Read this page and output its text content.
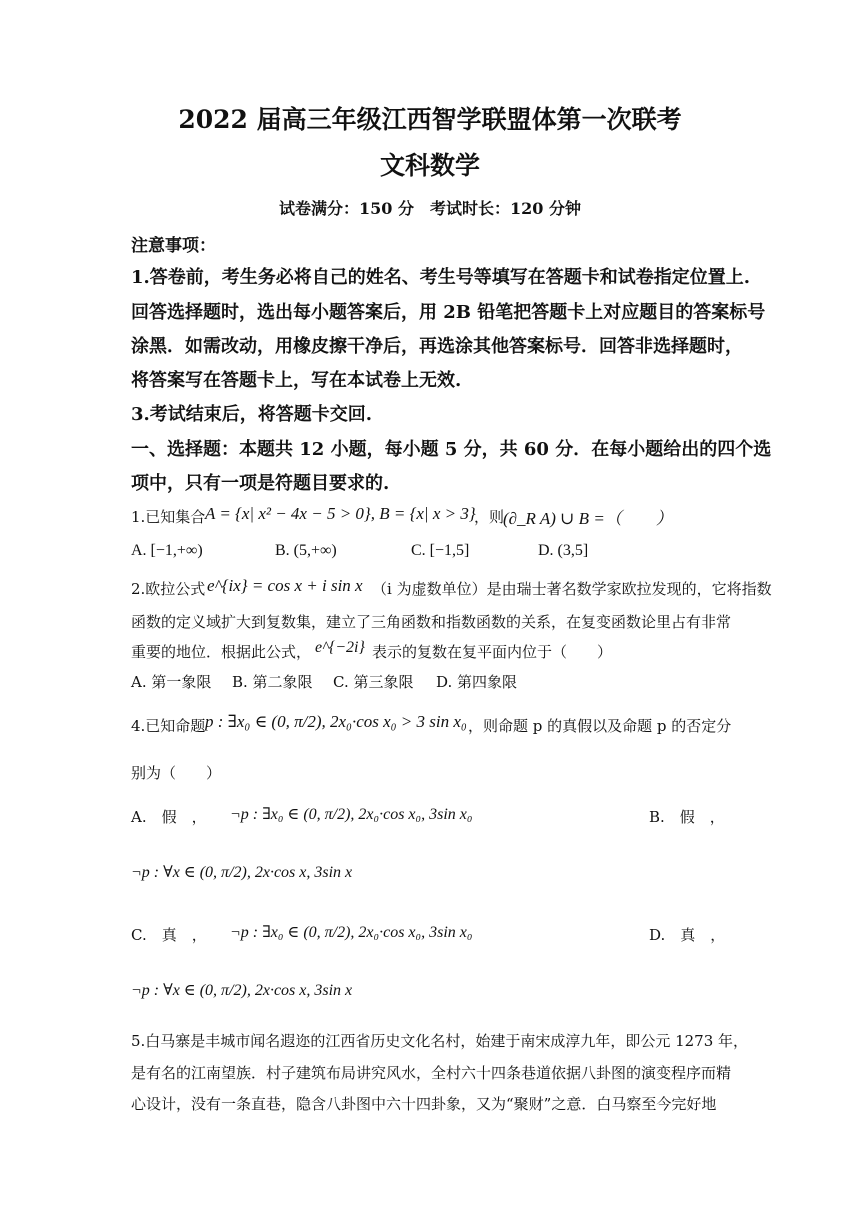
2022 届高三年级江西智学联盟体第一次联考
文科数学
试卷满分：150 分　考试时长：120 分钟
注意事项：
1.答卷前，考生务必将自己的姓名、考生号等填写在答题卡和试卷指定位置上.
回答选择题时，选出每小题答案后，用 2B 铅笔把答题卡上对应题目的答案标号
涂黑．如需改动，用橡皮擦干净后，再选涂其他答案标号．回答非选择题时，
将答案写在答题卡上，写在本试卷上无效.
3.考试结束后，将答题卡交回.
一、选择题：本题共 12 小题，每小题 5 分，共 60 分．在每小题给出的四个选
项中，只有一项是符题目要求的.
1.已知集合 A = {x| x² − 4x − 5 > 0}, B = {x| x > 3}
，则
(∂_R A) ∪ B =（　　）
A. [−1,+∞)	B. (5,+∞)	C. [−1,5]	D. (3,5]
2.欧拉公式 e^{ix} = cos x + i sin x （i 为虚数单位）是由瑞士著名数学家欧拉发现的，它将指数
函数的定义域扩大到复数集，建立了三角函数和指数函数的关系，在复变函数论里占有非常
重要的地位．根据此公式， e^{−2i} 表示的复数在复平面内位于（　　）
A. 第一象限 B. 第二象限 C. 第三象限 D. 第四象限
4.已知命题 p : ∃x₀ ∈ (0, π/2), 2x₀·cos x₀ > 3 sin x₀ ，则命题 p 的真假以及命题 p 的否定分
别为（　　）
A.　假　， ¬p : ∃x₀ ∈ (0, π/2), 2x₀·cos x₀, 3sin x₀	B.　假　，
¬p : ∀x ∈ (0, π/2), 2x·cos x, 3sin x
C.　真　， ¬p : ∃x₀ ∈ (0, π/2), 2x₀·cos x₀, 3sin x₀	D.　真　，
¬p : ∀x ∈ (0, π/2), 2x·cos x, 3sin x
5.白马寨是丰城市闻名遐迩的江西省历史文化名村，始建于南宋成淳九年，即公元 1273 年，
是有名的江南望族．村子建筑布局讲究风水，全村六十四条巷道依据八卦图的演变程序而精
心设计，没有一条直巷，隐含八卦图中六十四卦象，又为“聚财”之意．白马察至今完好地
